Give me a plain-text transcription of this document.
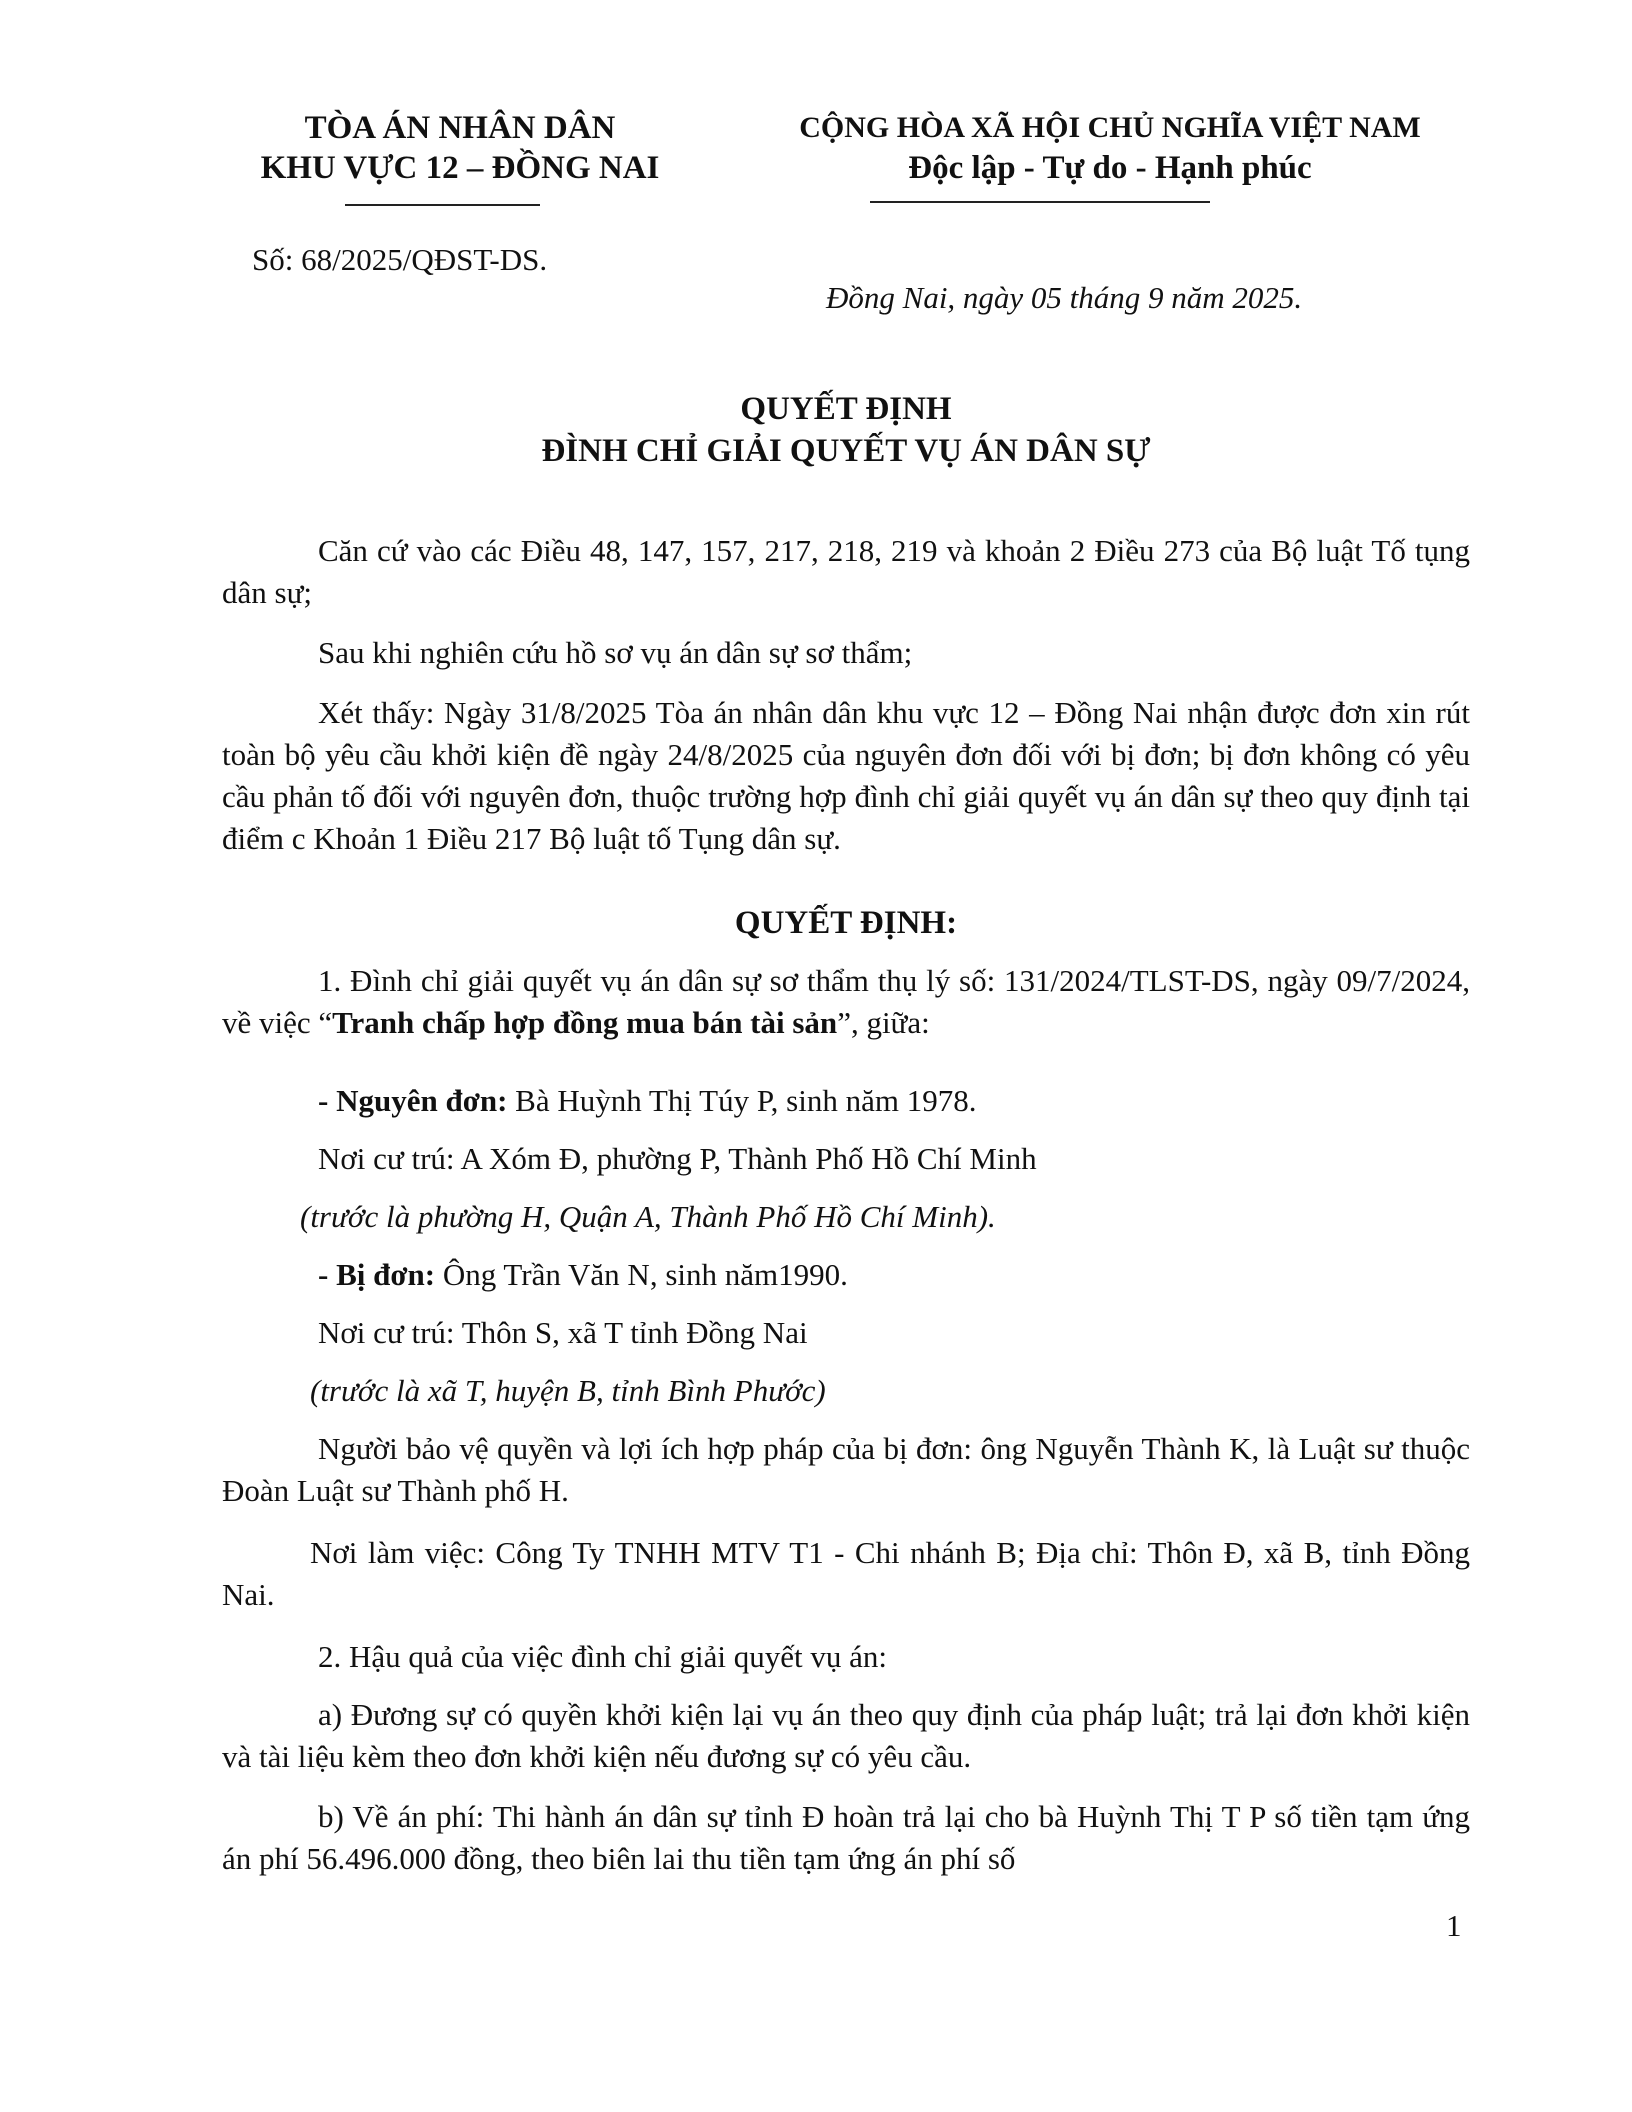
TÒA ÁN NHÂN DÂN
KHU VỰC 12 – ĐỒNG NAI
CỘNG HÒA XÃ HỘI CHỦ NGHĨA VIỆT NAM
Độc lập - Tự do - Hạnh phúc
Số: 68/2025/QĐST-DS.
Đồng Nai, ngày 05 tháng 9 năm 2025.
QUYẾT ĐỊNH
ĐÌNH CHỈ GIẢI QUYẾT VỤ ÁN DÂN SỰ
Căn cứ vào các Điều 48, 147, 157, 217, 218, 219 và khoản 2 Điều 273 của Bộ luật Tố tụng dân sự;
Sau khi nghiên cứu hồ sơ vụ án dân sự sơ thẩm;
Xét thấy: Ngày 31/8/2025 Tòa án nhân dân khu vực 12 – Đồng Nai nhận được đơn xin rút toàn bộ yêu cầu khởi kiện đề ngày 24/8/2025 của nguyên đơn đối với bị đơn; bị đơn không có yêu cầu phản tố đối với nguyên đơn, thuộc trường hợp đình chỉ giải quyết vụ án dân sự theo quy định tại điểm c Khoản 1 Điều 217 Bộ luật tố Tụng dân sự.
QUYẾT ĐỊNH:
1. Đình chỉ giải quyết vụ án dân sự sơ thẩm thụ lý số: 131/2024/TLST-DS, ngày 09/7/2024, về việc “Tranh chấp hợp đồng mua bán tài sản”, giữa:
- Nguyên đơn: Bà Huỳnh Thị Túy P, sinh năm 1978.
Nơi cư trú: A Xóm Đ, phường P, Thành Phố Hồ Chí Minh
(trước là phường H, Quận A, Thành Phố Hồ Chí Minh).
- Bị đơn: Ông Trần Văn N, sinh năm1990.
Nơi cư trú: Thôn S, xã T tỉnh Đồng Nai
(trước là xã T, huyện B, tỉnh Bình Phước)
Người bảo vệ quyền và lợi ích hợp pháp của bị đơn: ông Nguyễn Thành K, là Luật sư thuộc Đoàn Luật sư Thành phố H.
Nơi làm việc: Công Ty TNHH MTV T1 - Chi nhánh B; Địa chỉ: Thôn Đ, xã B, tỉnh Đồng Nai.
2. Hậu quả của việc đình chỉ giải quyết vụ án:
a) Đương sự có quyền khởi kiện lại vụ án theo quy định của pháp luật; trả lại đơn khởi kiện và tài liệu kèm theo đơn khởi kiện nếu đương sự có yêu cầu.
b) Về án phí: Thi hành án dân sự tỉnh Đ hoàn trả lại cho bà Huỳnh Thị T P số tiền tạm ứng án phí 56.496.000 đồng, theo biên lai thu tiền tạm ứng án phí số
1
